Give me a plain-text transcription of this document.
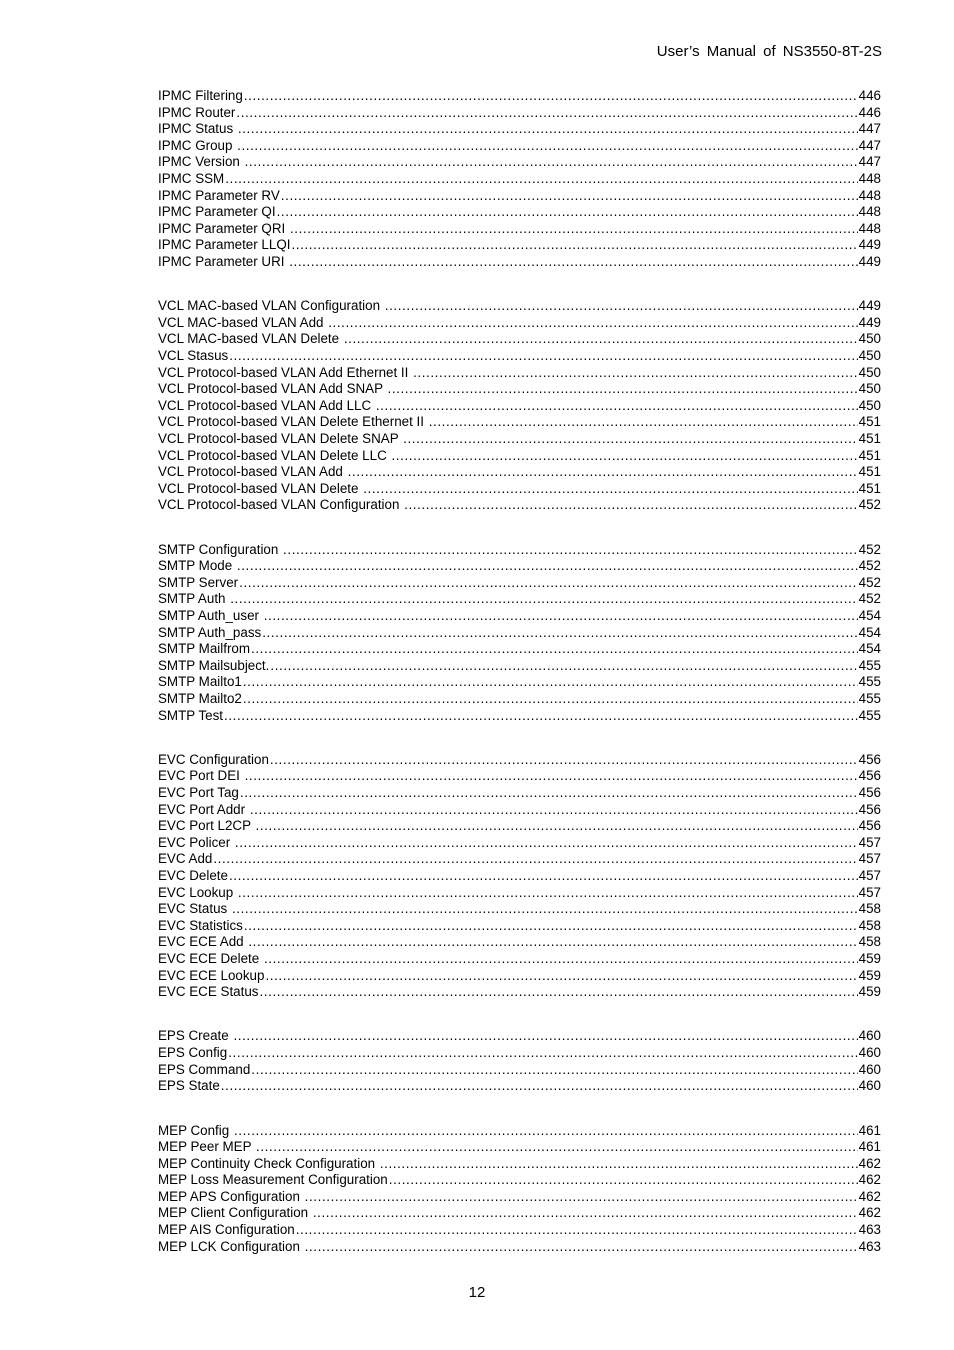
User’s Manual of NS3550-8T-2S
IPMC Filtering .....	446
IPMC Router .....	446
IPMC Status .....	447
IPMC Group .....	447
IPMC Version .....	447
IPMC SSM .....	448
IPMC Parameter RV .....	448
IPMC Parameter QI .....	448
IPMC Parameter QRI .....	448
IPMC Parameter LLQI .....	449
IPMC Parameter URI .....	449
VCL MAC-based VLAN Configuration .....	449
VCL MAC-based VLAN Add .....	449
VCL MAC-based VLAN Delete .....	450
VCL Stasus .....	450
VCL Protocol-based VLAN Add Ethernet II .....	450
VCL Protocol-based VLAN Add SNAP .....	450
VCL Protocol-based VLAN Add LLC .....	450
VCL Protocol-based VLAN Delete Ethernet II .....	451
VCL Protocol-based VLAN Delete SNAP .....	451
VCL Protocol-based VLAN Delete LLC .....	451
VCL Protocol-based VLAN Add .....	451
VCL Protocol-based VLAN Delete .....	451
VCL Protocol-based VLAN Configuration .....	452
SMTP Configuration .....	452
SMTP Mode .....	452
SMTP Server .....	452
SMTP Auth .....	452
SMTP Auth_user .....	454
SMTP Auth_pass .....	454
SMTP Mailfrom .....	454
SMTP Mailsubject. .....	455
SMTP Mailto1 .....	455
SMTP Mailto2 .....	455
SMTP Test .....	455
EVC Configuration .....	456
EVC Port DEI .....	456
EVC Port Tag .....	456
EVC Port Addr .....	456
EVC Port L2CP .....	456
EVC Policer .....	457
EVC Add .....	457
EVC Delete .....	457
EVC Lookup .....	457
EVC Status .....	458
EVC Statistics .....	458
EVC ECE Add .....	458
EVC ECE Delete .....	459
EVC ECE Lookup .....	459
EVC ECE Status .....	459
EPS Create .....	460
EPS Config .....	460
EPS Command .....	460
EPS State .....	460
MEP Config .....	461
MEP Peer MEP .....	461
MEP Continuity Check Configuration .....	462
MEP Loss Measurement Configuration .....	462
MEP APS Configuration .....	462
MEP Client Configuration .....	462
MEP AIS Configuration .....	463
MEP LCK Configuration .....	463
12
